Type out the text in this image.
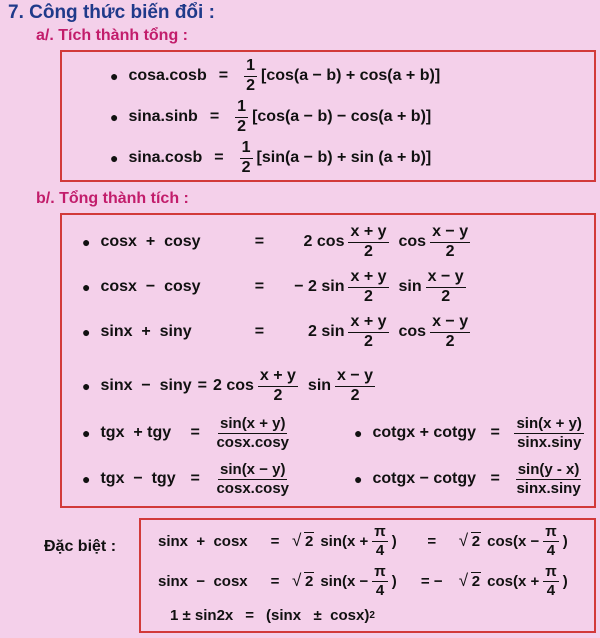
7. Công thức biến đổi :
a/. Tích thành tổng :
● $\cos a.\cos b = \frac{1}{2} [\cos(a - b) + \cos(a + b)]$
● $\sin a.\sin b = \frac{1}{2} [\cos(a - b) - \cos(a + b)]$
● $\sin a.\cos b = \frac{1}{2} [\sin(a - b) + \sin (a + b)]$
b/. Tổng thành tích :
● cosx  +  cosy	=	2 $\cos \frac{x + y}{2}$ $\cos \frac{x - y}{2}$
● cosx  −  cosy	=	− 2 $\sin \frac{x + y}{2}$ $\sin \frac{x - y}{2}$
● sinx  +  siny	=	2 $\sin \frac{x + y}{2}$ $\cos \frac{x - y}{2}$
● sinx  −  siny = 2 $\cos \frac{x + y}{2}$ $\sin \frac{x - y}{2}$
● tgx  + tgy	= $\frac{\sin(x + y)}{\cos x.\cos y}$	● cotgx + cotgy = $\frac{\sin(x + y)}{\sin x.\sin y}$
● tgx  −  tgy = $\frac{\sin(x - y)}{\cos x.\cos y}$	● cotgx − cotgy = $\frac{\sin(y - x)}{\sin x.\sin y}$
Đặc biệt :	sinx  +  cosx	= √ 2 $\sin(x + \frac{\pi}{4}$ )	=	√ 2 $\cos(x - \frac{\pi}{4}$ )
sinx  −  cosx	= √ 2 $\sin(x - \frac{\pi}{4}$ ) = − √ 2 $\cos(x + \frac{\pi}{4}$ )
1 ± sin2x = (sinx   ±  cosx) 2
